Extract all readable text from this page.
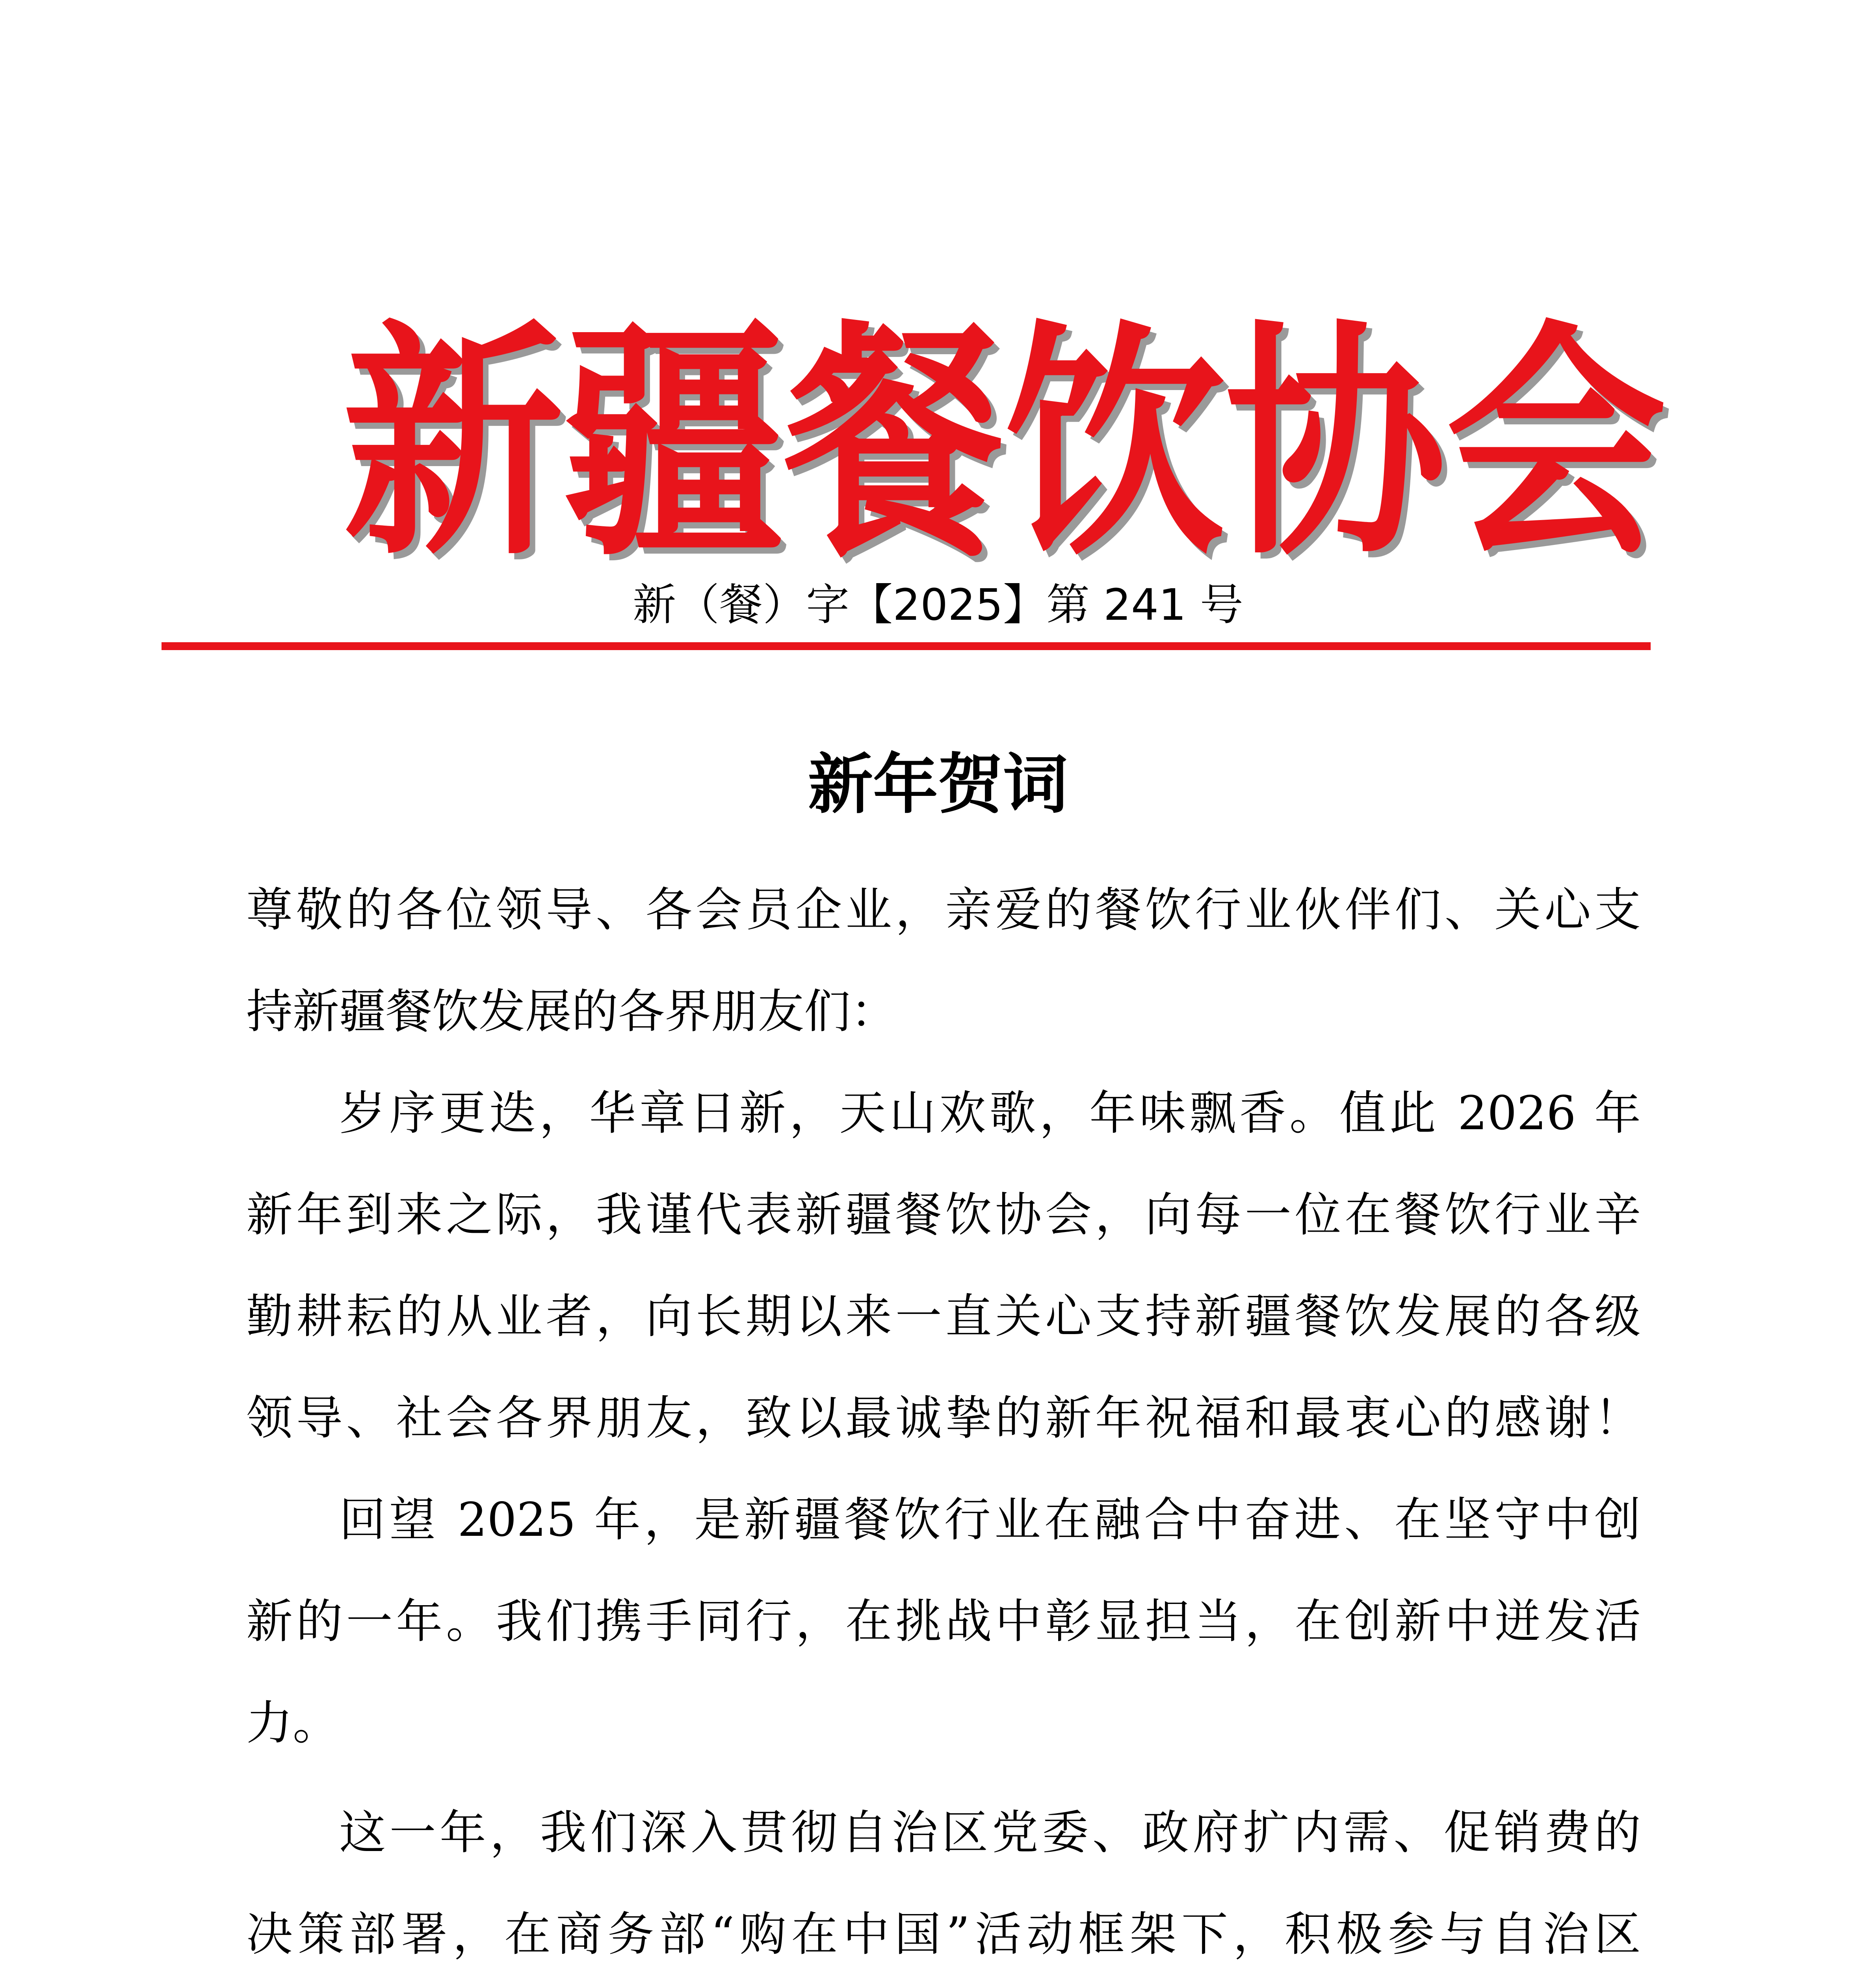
新 疆 餐 饮 协 会
新（餐）字【2025】第 241 号
新年贺词
尊敬的各位领导、各会员企业，亲爱的餐饮行业伙伴们、关心支
持新疆餐饮发展的各界朋友们：
岁序更迭，华章日新，天山欢歌，年味飘香。值此 2026 年
新年到来之际，我谨代表新疆餐饮协会，向每一位在餐饮行业辛
勤耕耘的从业者，向长期以来一直关心支持新疆餐饮发展的各级
领导、社会各界朋友，致以最诚挚的新年祝福和最衷心的感谢！
回望 2025 年，是新疆餐饮行业在融合中奋进、在坚守中创
新的一年。我们携手同行，在挑战中彰显担当，在创新中迸发活
力。
这一年，我们深入贯彻自治区党委、政府扩内需、促销费的
决策部署，在商务部“购在中国”活动框架下，积极参与自治区
